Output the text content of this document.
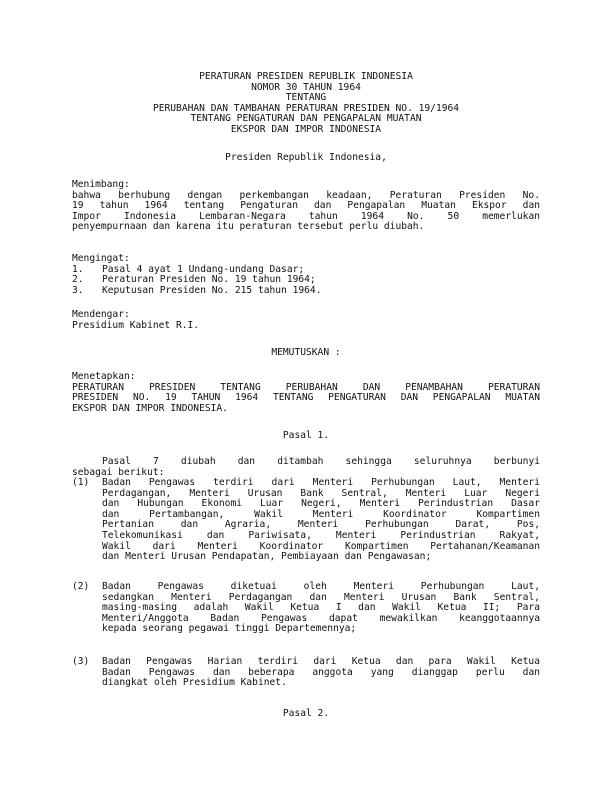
PERATURAN PRESIDEN REPUBLIK INDONESIA
NOMOR 30 TAHUN 1964
TENTANG
PERUBAHAN DAN TAMBAHAN PERATURAN PRESIDEN NO. 19/1964
TENTANG PENGATURAN DAN PENGAPALAN MUATAN
EKSPOR DAN IMPOR INDONESIA
Presiden Republik Indonesia,
Menimbang:
bahwa berhubung dengan perkembangan keadaan, Peraturan Presiden No.
19 tahun 1964 tentang Pengaturan dan Pengapalan Muatan Ekspor dan
Impor Indonesia Lembaran-Negara tahun 1964 No. 50 memerlukan
penyempurnaan dan karena itu peraturan tersebut perlu diubah.
Mengingat:
1.	Pasal 4 ayat 1 Undang-undang Dasar;
2.	Peraturan Presiden No. 19 tahun 1964;
3.	Keputusan Presiden No. 215 tahun 1964.
Mendengar:
Presidium Kabinet R.I.
MEMUTUSKAN :
Menetapkan:
PERATURAN PRESIDEN TENTANG PERUBAHAN DAN PENAMBAHAN PERATURAN
PRESIDEN NO. 19 TAHUN 1964 TENTANG PENGATURAN DAN PENGAPALAN MUATAN
EKSPOR DAN IMPOR INDONESIA.
Pasal 1.
Pasal 7 diubah dan ditambah sehingga seluruhnya berbunyi
sebagai berikut:
(1)	Badan Pengawas terdiri dari Menteri Perhubungan Laut, Menteri
Perdagangan, Menteri Urusan Bank Sentral, Menteri Luar Negeri
dan Hubungan Ekonomi Luar Negeri, Menteri Perindustrian Dasar
dan Pertambangan, Wakil Menteri Koordinator Kompartimen
Pertanian dan Agraria, Menteri Perhubungan Darat, Pos,
Telekomunikasi dan Pariwisata, Menteri Perindustrian Rakyat,
Wakil dari Menteri Koordinator Kompartimen Pertahanan/Keamanan
dan Menteri Urusan Pendapatan, Pembiayaan dan Pengawasan;
(2)	Badan Pengawas diketuai oleh Menteri Perhubungan Laut,
sedangkan Menteri Perdagangan dan Menteri Urusan Bank Sentral,
masing-masing adalah Wakil Ketua I dan Wakil Ketua II; Para
Menteri/Anggota Badan Pengawas dapat mewakilkan keanggotaannya
kepada seorang pegawai tinggi Departemennya;
(3)	Badan Pengawas Harian terdiri dari Ketua dan para Wakil Ketua
Badan Pengawas dan beberapa anggota yang dianggap perlu dan
diangkat oleh Presidium Kabinet.
Pasal 2.
